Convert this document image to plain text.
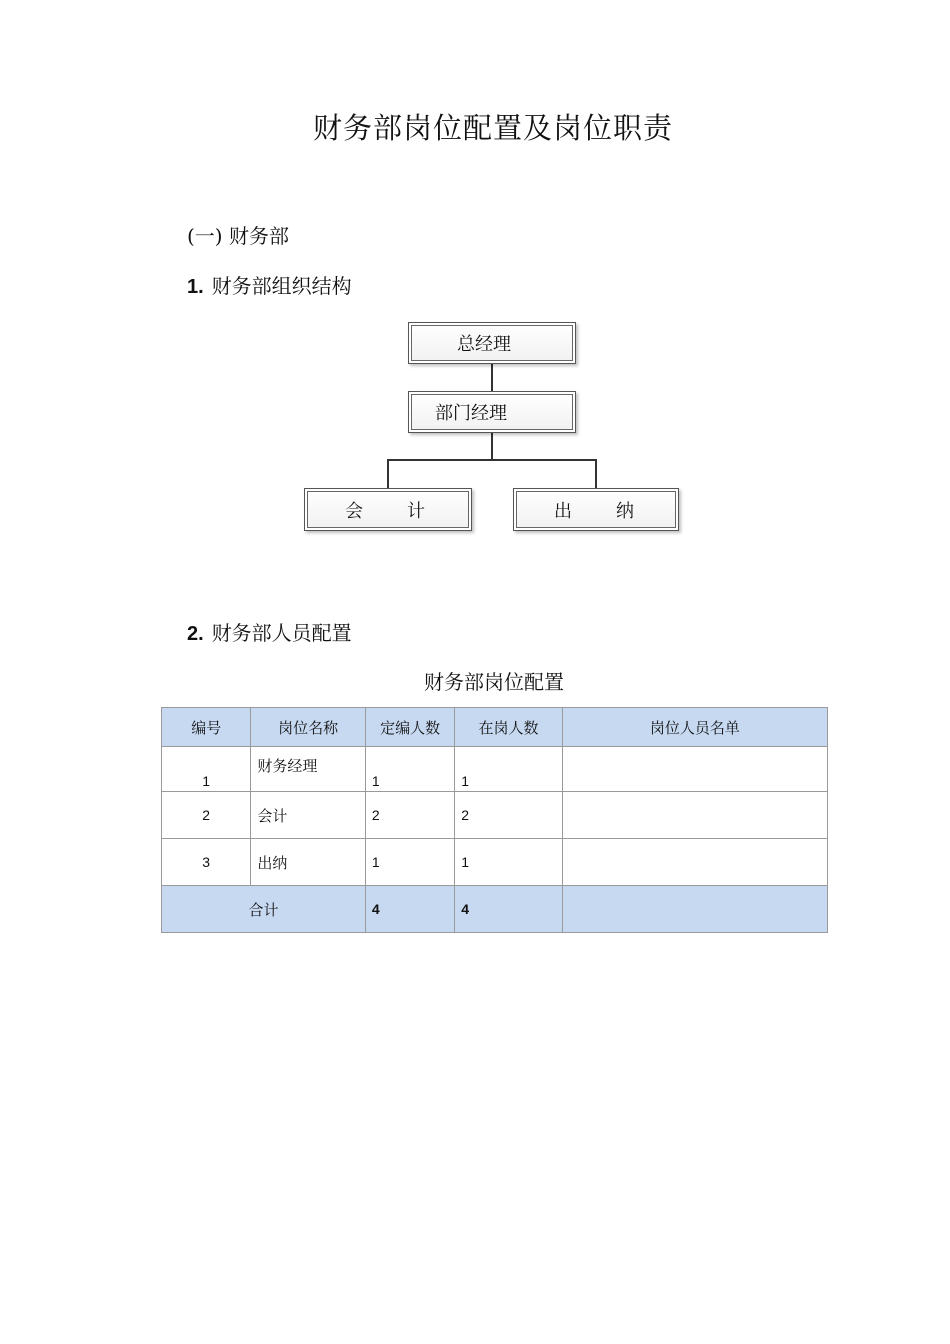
财务部岗位配置及岗位职责
(一) 财务部
1. 财务部组织结构
总经理
部门经理
会 计	出 纳
2. 财务部人员配置
财务部岗位配置
编号	岗位名称	定编人数	在岗人数	岗位人员名单
1	财务经理	1	1	
2	会计	2	2	
3	出纳	1	1	
合计		4	4	
